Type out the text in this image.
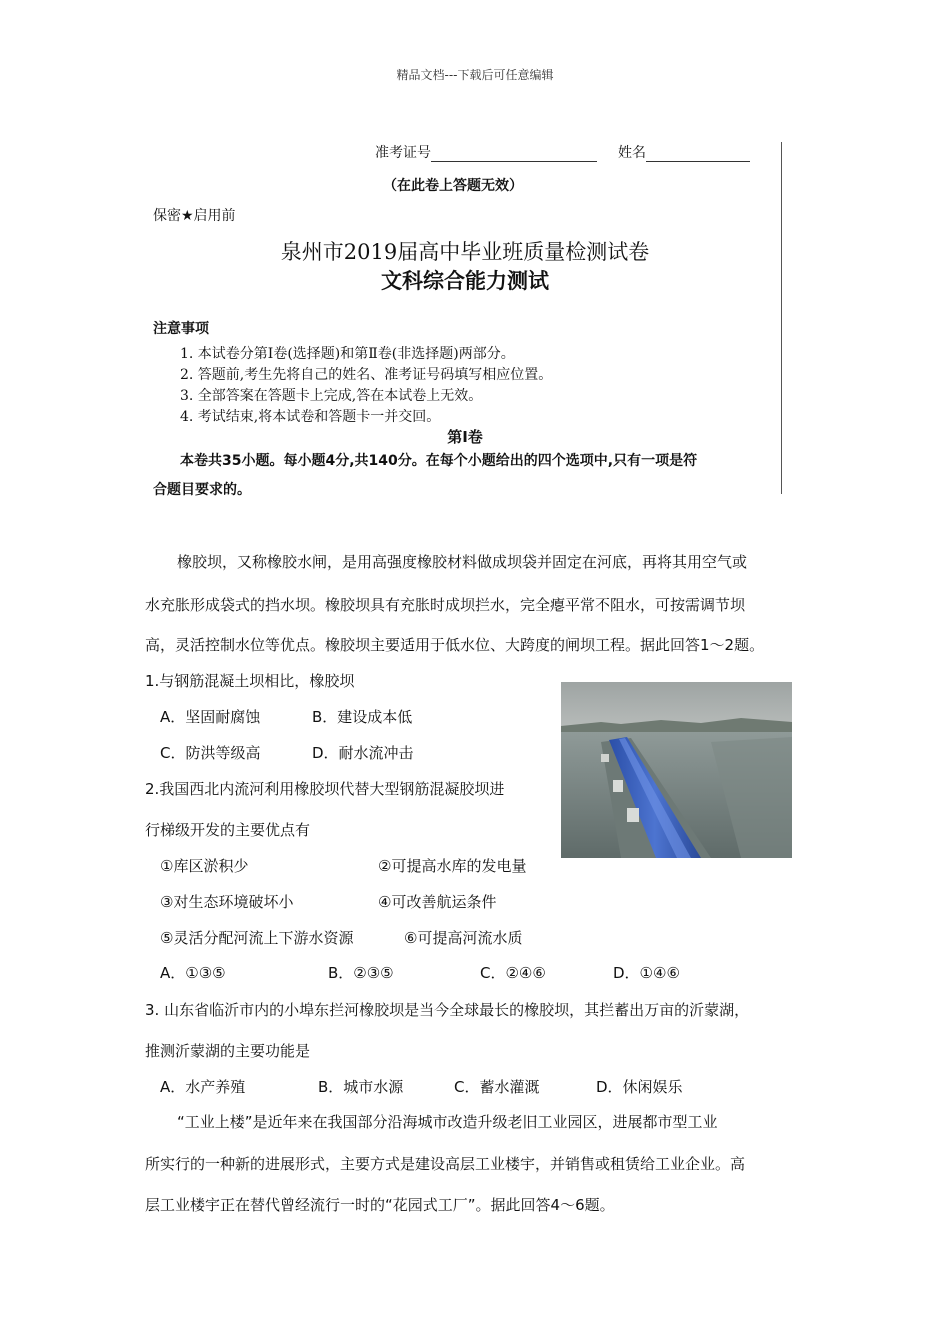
精品文档---下载后可任意编辑
准考证号	姓名
（在此卷上答题无效）
保密★启用前
泉州市2019届高中毕业班质量检测试卷
文科综合能力测试
注意事项
1. 本试卷分第Ⅰ卷(选择题)和第Ⅱ卷(非选择题)两部分。
2. 答题前,考生先将自己的姓名、准考证号码填写相应位置。
3. 全部答案在答题卡上完成,答在本试卷上无效。
4. 考试结束,将本试卷和答题卡一并交回。
第Ⅰ卷
本卷共35小题。每小题4分,共140分。在每个小题给出的四个选项中,只有一项是符
合题目要求的。
橡胶坝，又称橡胶水闸，是用高强度橡胶材料做成坝袋并固定在河底，再将其用空气或
水充胀形成袋式的挡水坝。橡胶坝具有充胀时成坝拦水，完全瘪平常不阻水，可按需调节坝
高，灵活控制水位等优点。橡胶坝主要适用于低水位、大跨度的闸坝工程。据此回答1～2题。
1.与钢筋混凝土坝相比，橡胶坝
A．坚固耐腐蚀	B．建设成本低
C．防洪等级高	D．耐水流冲击
2.我国西北内流河利用橡胶坝代替大型钢筋混凝胶坝进
行梯级开发的主要优点有
①库区淤积少	②可提高水库的发电量
③对生态环境破坏小	④可改善航运条件
⑤灵活分配河流上下游水资源	⑥可提高河流水质
A．①③⑤	B．②③⑤	C．②④⑥	D．①④⑥
3. 山东省临沂市内的小埠东拦河橡胶坝是当今全球最长的橡胶坝，其拦蓄出万亩的沂蒙湖，
推测沂蒙湖的主要功能是
A．水产养殖	B．城市水源	C．蓄水灌溉	D．休闲娱乐
“工业上楼”是近年来在我国部分沿海城市改造升级老旧工业园区，进展都市型工业
所实行的一种新的进展形式，主要方式是建设高层工业楼宇，并销售或租赁给工业企业。高
层工业楼宇正在替代曾经流行一时的“花园式工厂”。据此回答4～6题。
